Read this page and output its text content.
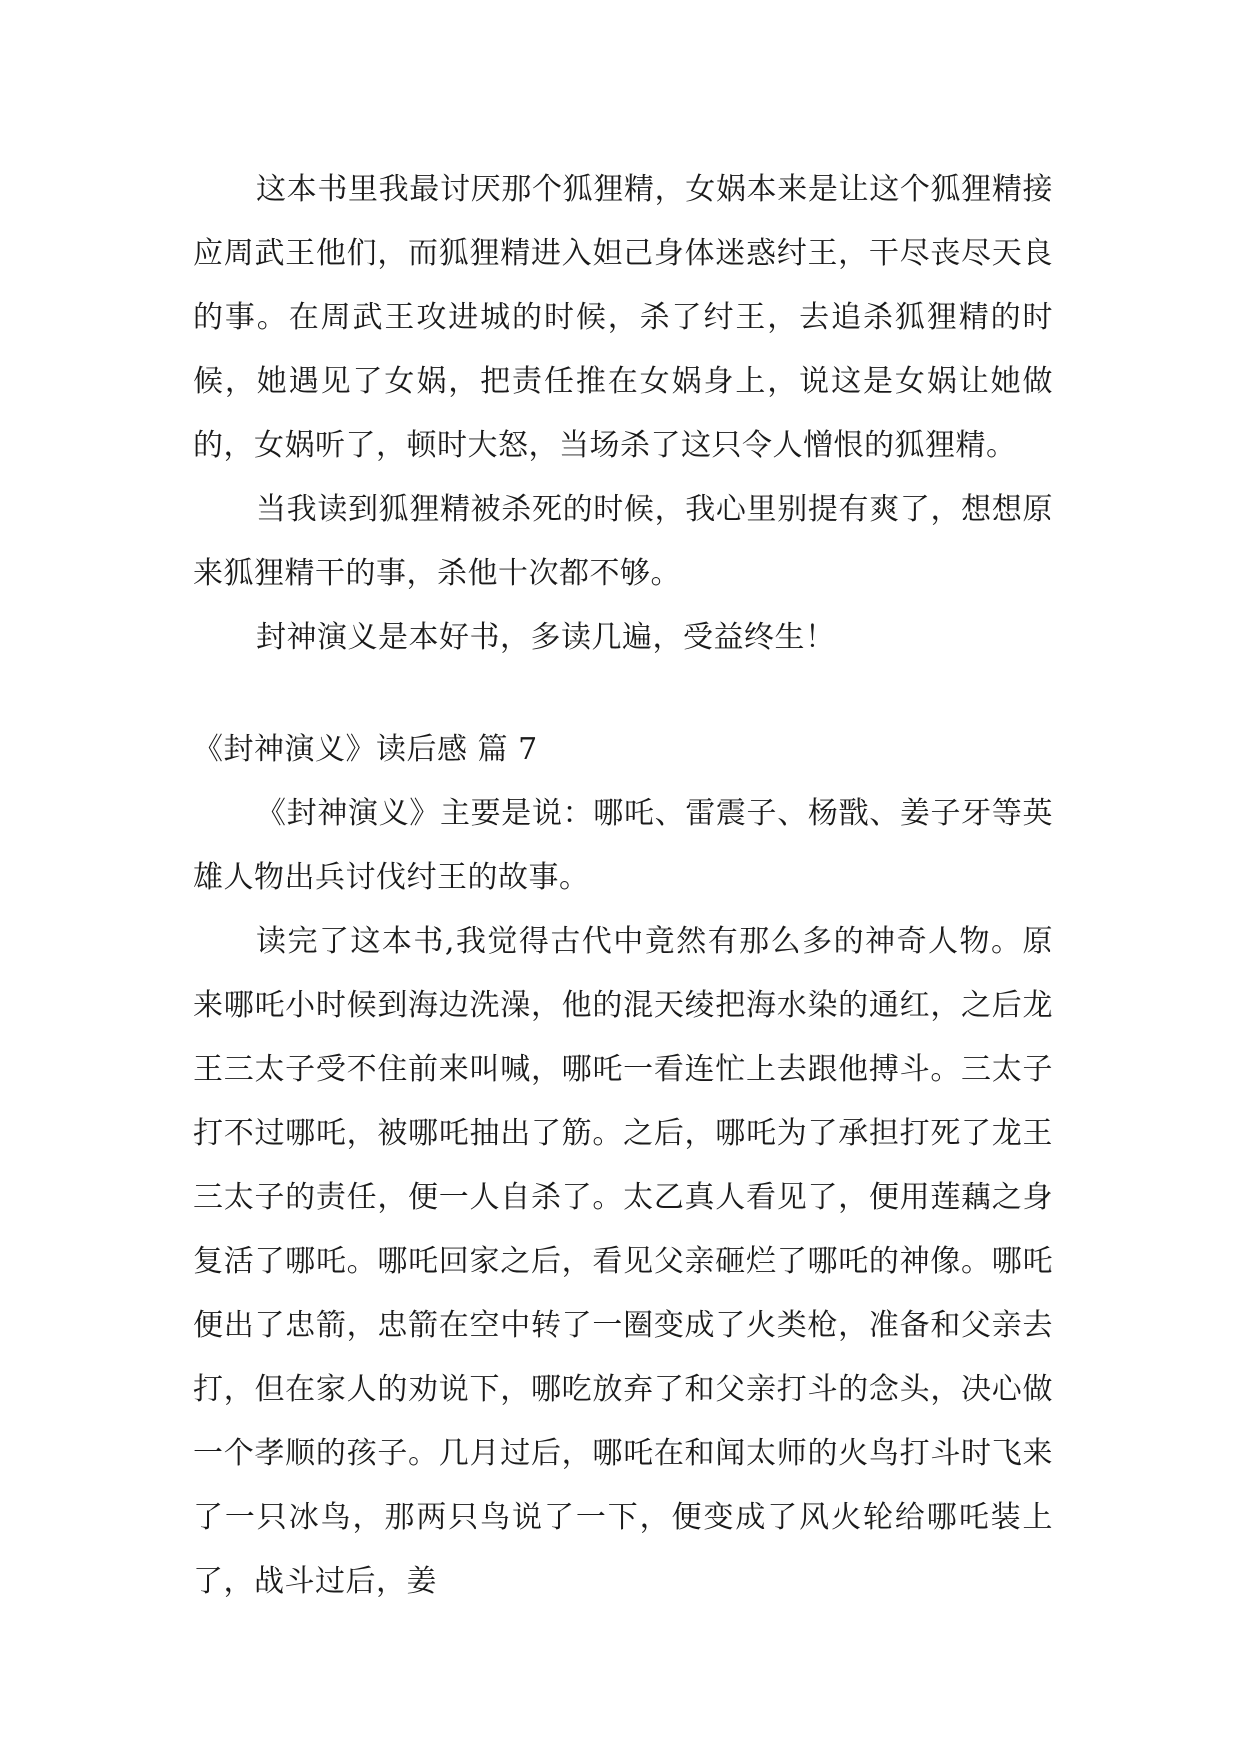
这本书里我最讨厌那个狐狸精，女娲本来是让这个狐狸精接应周武王他们，而狐狸精进入妲己身体迷惑纣王，干尽丧尽天良的事。在周武王攻进城的时候，杀了纣王，去追杀狐狸精的时候，她遇见了女娲，把责任推在女娲身上，说这是女娲让她做的，女娲听了，顿时大怒，当场杀了这只令人憎恨的狐狸精。

当我读到狐狸精被杀死的时候，我心里别提有爽了，想想原来狐狸精干的事，杀他十次都不够。

封神演义是本好书，多读几遍，受益终生！

《封神演义》读后感 篇 7

《封神演义》主要是说：哪吒、雷震子、杨戬、姜子牙等英雄人物出兵讨伐纣王的故事。

读完了这本书,我觉得古代中竟然有那么多的神奇人物。原来哪吒小时候到海边洗澡，他的混天绫把海水染的通红，之后龙王三太子受不住前来叫喊，哪吒一看连忙上去跟他搏斗。三太子打不过哪吒，被哪吒抽出了筋。之后，哪吒为了承担打死了龙王三太子的责任，便一人自杀了。太乙真人看见了，便用莲藕之身复活了哪吒。哪吒回家之后，看见父亲砸烂了哪吒的神像。哪吒便出了忠箭，忠箭在空中转了一圈变成了火类枪，准备和父亲去打，但在家人的劝说下，哪吃放弃了和父亲打斗的念头，决心做一个孝顺的孩子。几月过后，哪吒在和闻太师的火鸟打斗时飞来了一只冰鸟，那两只鸟说了一下，便变成了风火轮给哪吒装上了，战斗过后，姜
